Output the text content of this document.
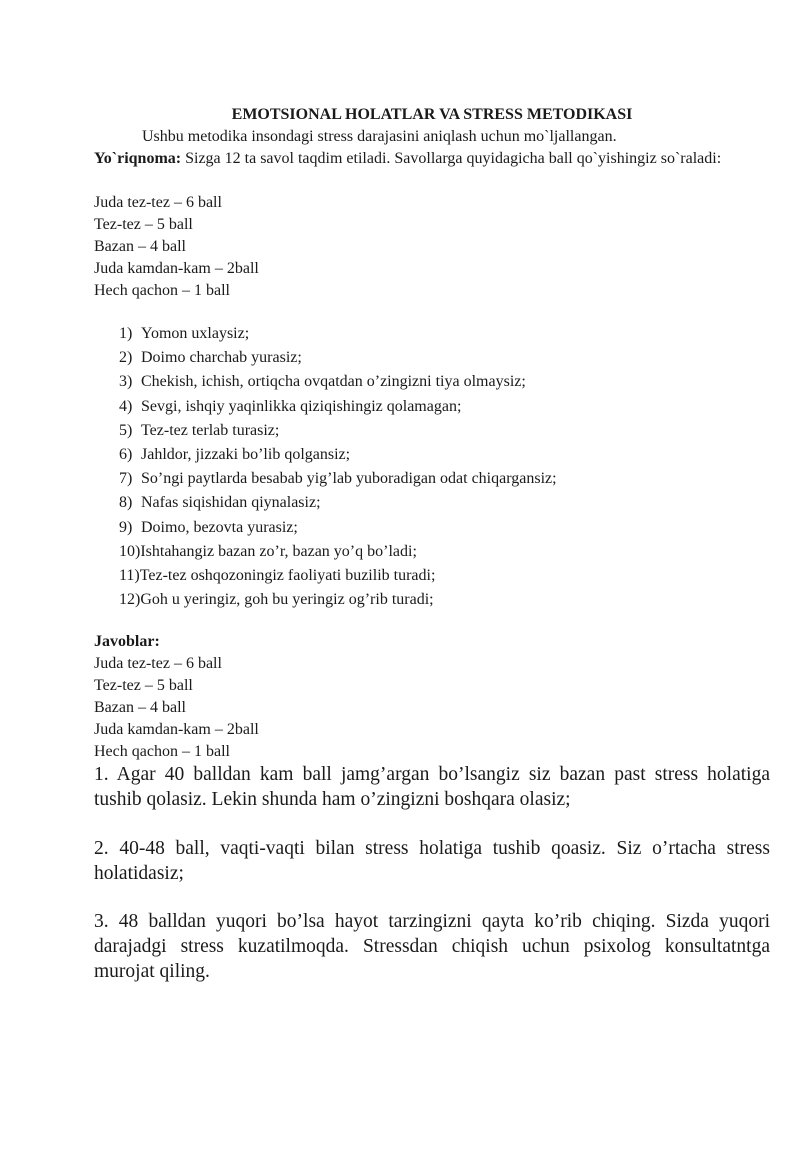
EMOTSIONAL HOLATLAR VA STRESS METODIKASI
Ushbu metodika insondagi stress darajasini aniqlash uchun mo`ljallangan.
Yo`riqnoma: Sizga 12 ta savol taqdim etiladi. Savollarga quyidagicha ball qo`yishingiz so`raladi:
Juda tez-tez – 6 ball
Tez-tez – 5 ball
Bazan – 4 ball
Juda kamdan-kam – 2ball
Hech qachon – 1 ball
1) Yomon uxlaysiz;
2) Doimo charchab yurasiz;
3) Chekish, ichish, ortiqcha ovqatdan o’zingizni tiya olmaysiz;
4) Sevgi, ishqiy yaqinlikka qiziqishingiz qolamagan;
5) Tez-tez terlab turasiz;
6) Jahldor, jizzaki bo’lib qolgansiz;
7) So’ngi paytlarda besabab yig’lab yuboradigan odat chiqargansiz;
8) Nafas siqishidan qiynalasiz;
9) Doimo, bezovta yurasiz;
10)Ishtahangiz bazan zo’r, bazan yo’q bo’ladi;
11)Tez-tez oshqozoningiz faoliyati buzilib turadi;
12)Goh u yeringiz, goh bu yeringiz og’rib turadi;
Javoblar:
Juda tez-tez – 6 ball
Tez-tez – 5 ball
Bazan – 4 ball
Juda kamdan-kam – 2ball
Hech qachon – 1 ball
1. Agar 40 balldan kam ball jamg’argan bo’lsangiz siz bazan past stress holatiga tushib qolasiz. Lekin shunda ham o’zingizni boshqara olasiz;
2. 40-48 ball, vaqti-vaqti bilan stress holatiga tushib qoasiz. Siz o’rtacha stress holatidasiz;
3. 48 balldan yuqori bo’lsa hayot tarzingizni qayta ko’rib chiqing. Sizda yuqori darajadgi stress kuzatilmoqda. Stressdan chiqish uchun psixolog konsultatntga murojat qiling.
